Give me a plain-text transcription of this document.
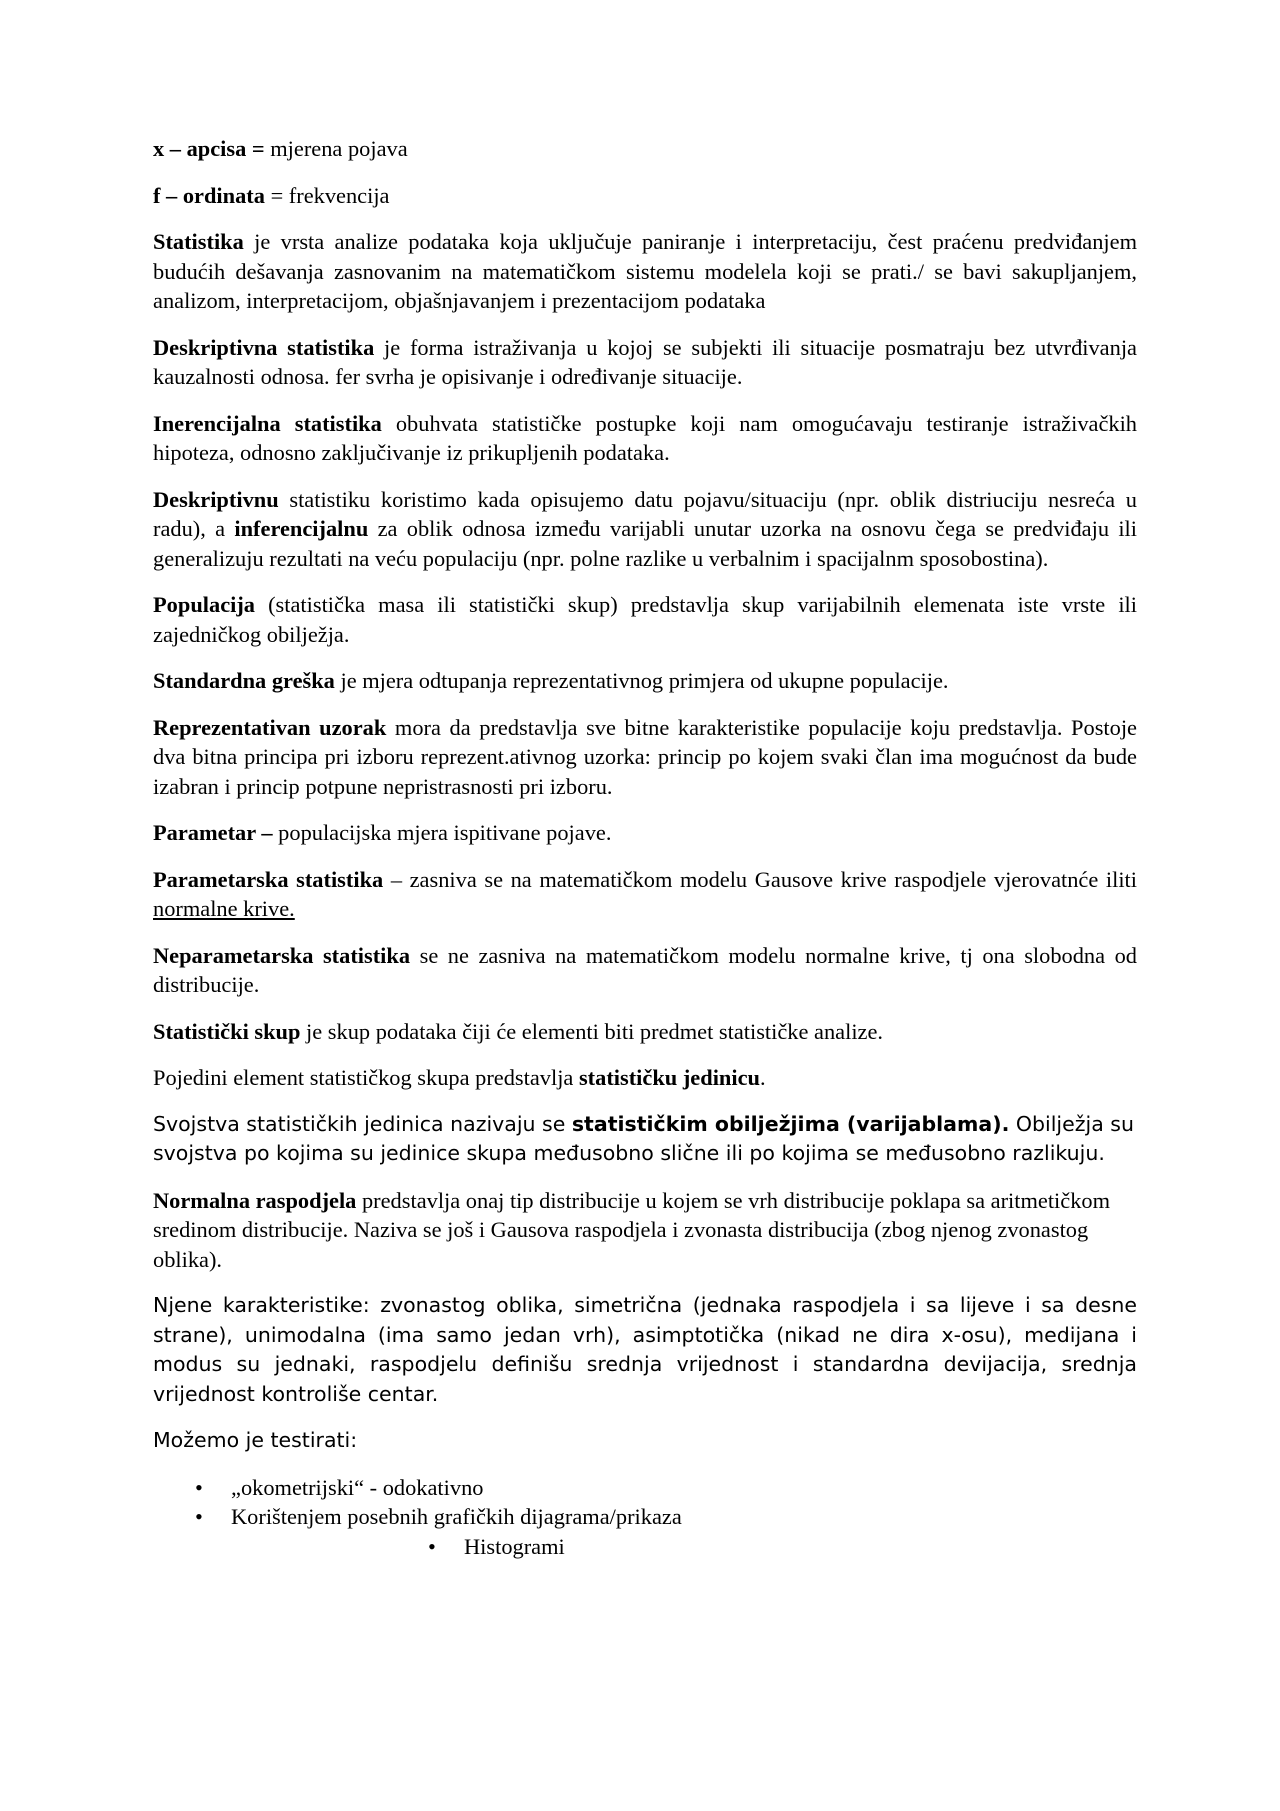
x – apcisa = mjerena pojava

f – ordinata = frekvencija

Statistika je vrsta analize podataka koja uključuje paniranje i interpretaciju, čest praćenu predviđanjem budućih dešavanja zasnovanim na matematičkom sistemu modelela koji se prati./ se bavi sakupljanjem, analizom, interpretacijom, objašnjavanjem i prezentacijom podataka

Deskriptivna statistika je forma istraživanja u kojoj se subjekti ili situacije posmatraju bez utvrđivanja kauzalnosti odnosa. fer svrha je opisivanje i određivanje situacije.

Inerencijalna statistika obuhvata statističke postupke koji nam omogućavaju testiranje istraživačkih hipoteza, odnosno zaključivanje iz prikupljenih podataka.

Deskriptivnu statistiku koristimo kada opisujemo datu pojavu/situaciju (npr. oblik distriuciju nesreća u radu), a inferencijalnu za oblik odnosa između varijabli unutar uzorka na osnovu čega se predviđaju ili generalizuju rezultati na veću populaciju (npr. polne razlike u verbalnim i spacijalnm sposobostina).

Populacija (statistička masa ili statistički skup) predstavlja skup varijabilnih elemenata iste vrste ili zajedničkog obilježja.

Standardna greška je mjera odtupanja reprezentativnog primjera od ukupne populacije.

Reprezentativan uzorak mora da predstavlja sve bitne karakteristike populacije koju predstavlja. Postoje dva bitna principa pri izboru reprezent.ativnog uzorka: princip po kojem svaki član ima mogućnost da bude izabran i princip potpune nepristrasnosti pri izboru.

Parametar – populacijska mjera ispitivane pojave.

Parametarska statistika – zasniva se na matematičkom modelu Gausove krive raspodjele vjerovatnće iliti normalne krive.

Neparametarska statistika se ne zasniva na matematičkom modelu normalne krive, tj ona slobodna od distribucije.

Statistički skup je skup podataka čiji će elementi biti predmet statističke analize.

Pojedini element statističkog skupa predstavlja statističku jedinicu.

Svojstva statističkih jedinica nazivaju se statističkim obilježjima (varijablama). Obilježja su svojstva po kojima su jedinice skupa međusobno slične ili po kojima se međusobno razlikuju.

Normalna raspodjela predstavlja onaj tip distribucije u kojem se vrh distribucije poklapa sa aritmetičkom sredinom distribucije. Naziva se još i Gausova raspodjela i zvonasta distribucija (zbog njenog zvonastog oblika).

Njene karakteristike: zvonastog oblika, simetrična (jednaka raspodjela i sa lijeve i sa desne strane), unimodalna (ima samo jedan vrh), asimptotička (nikad ne dira x-osu), medijana i modus su jednaki, raspodjelu definišu srednja vrijednost i standardna devijacija, srednja vrijednost kontroliše centar.

Možemo je testirati:

• „okometrijski“ - odokativno
• Korištenjem posebnih grafičkih dijagrama/prikaza
• Histogrami
